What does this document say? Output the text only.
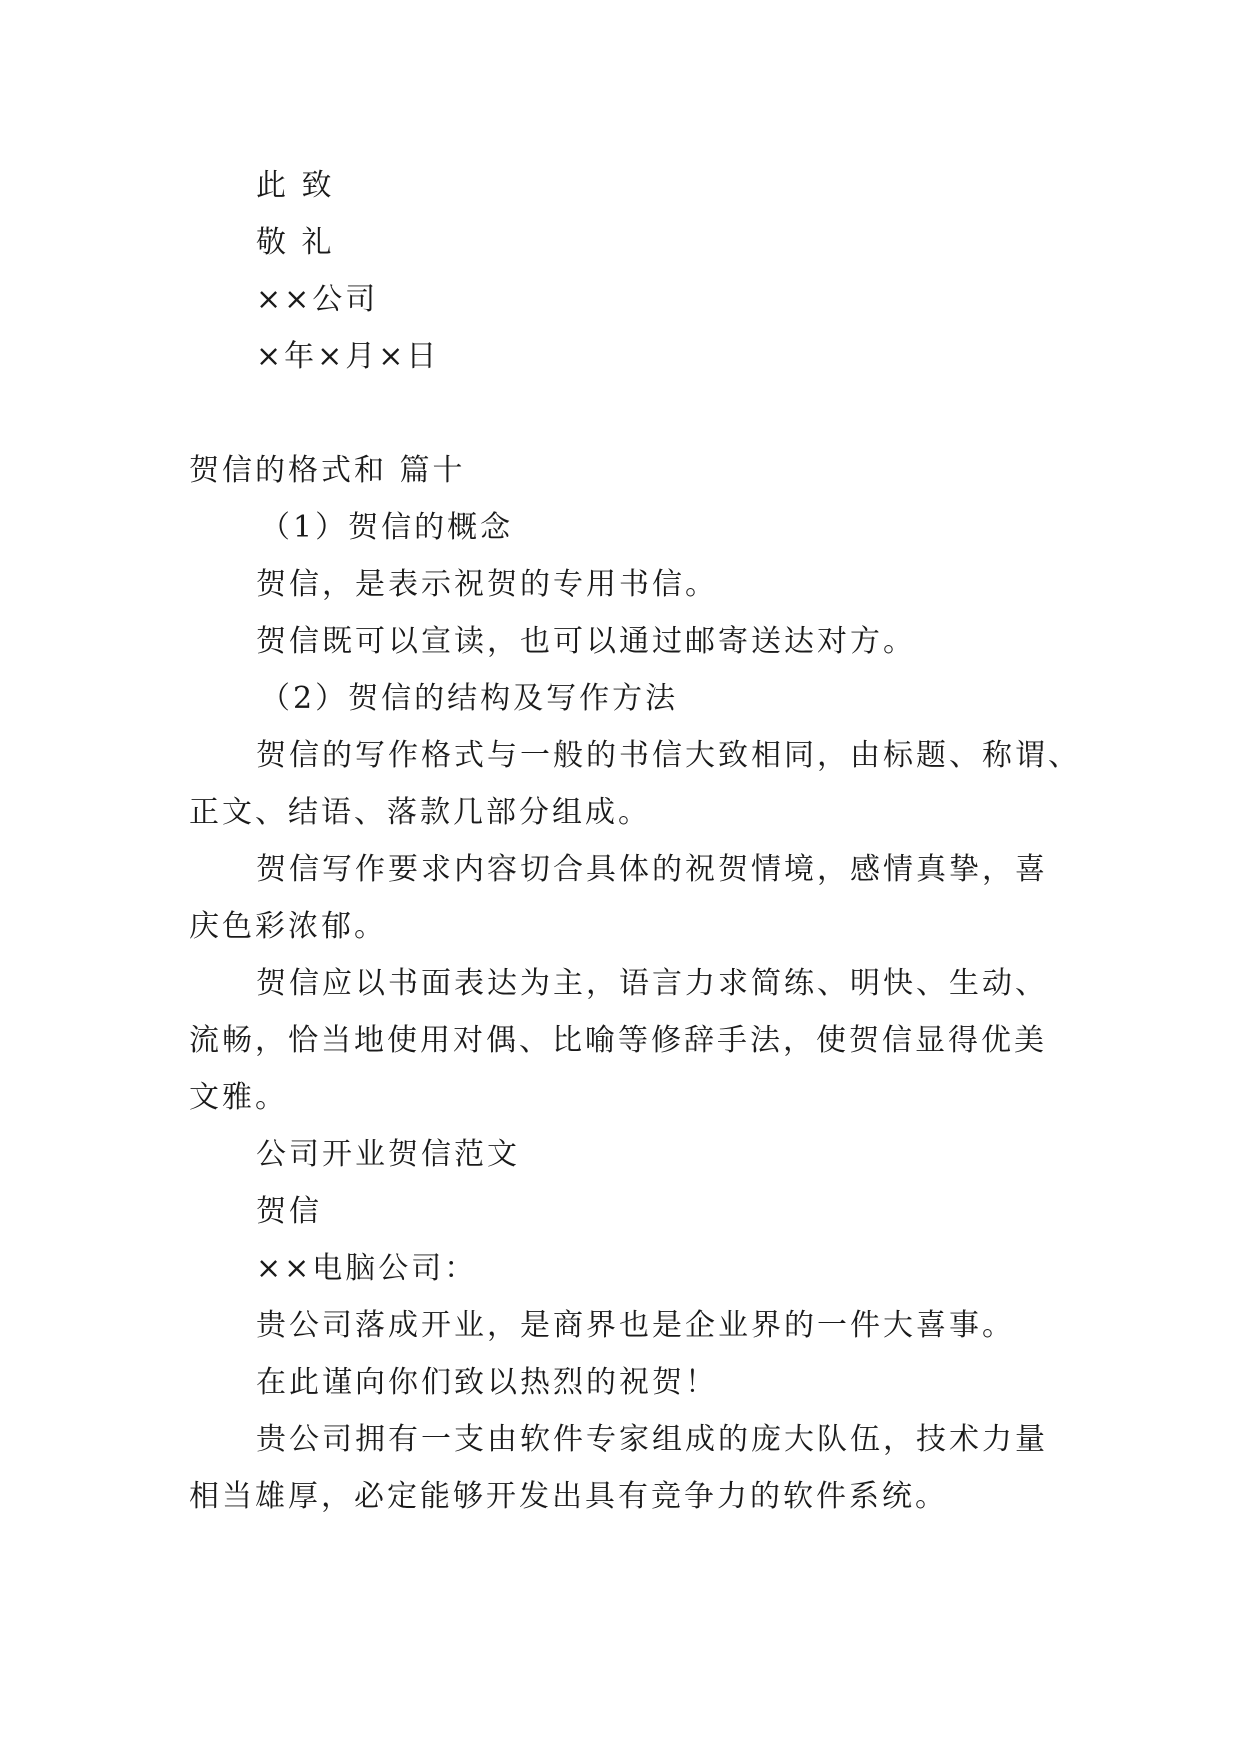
此 致
敬 礼
××公司
×年×月×日
贺信的格式和 篇十
（1）贺信的概念
贺信，是表示祝贺的专用书信。
贺信既可以宣读，也可以通过邮寄送达对方。
（2）贺信的结构及写作方法
贺信的写作格式与一般的书信大致相同，由标题、称谓、
正文、结语、落款几部分组成。
贺信写作要求内容切合具体的祝贺情境，感情真挚，喜
庆色彩浓郁。
贺信应以书面表达为主，语言力求简练、明快、生动、
流畅，恰当地使用对偶、比喻等修辞手法，使贺信显得优美
文雅。
公司开业贺信范文
贺信
××电脑公司：
贵公司落成开业，是商界也是企业界的一件大喜事。
在此谨向你们致以热烈的祝贺！
贵公司拥有一支由软件专家组成的庞大队伍，技术力量
相当雄厚，必定能够开发出具有竞争力的软件系统。
